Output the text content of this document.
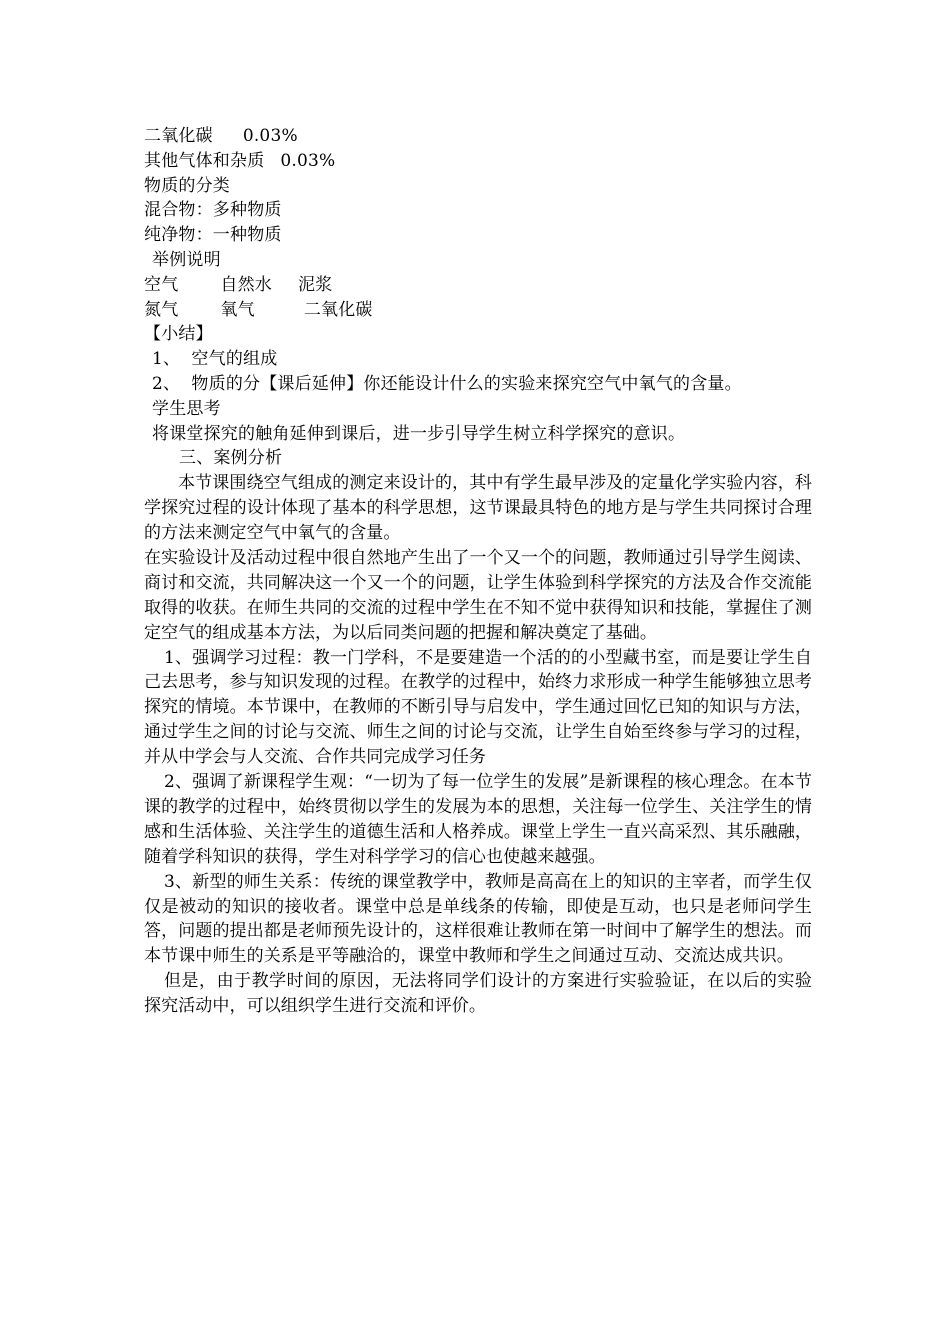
二氧化碳 0.03%
其他气体和杂质 0.03%
物质的分类
混合物：多种物质
纯净物：一种物质
举例说明
空气 自然水 泥浆
氮气 氧气	二氧化碳
【小结】
1、  空气的组成
2、  物质的分【课后延伸】你还能设计什么的实验来探究空气中氧气的含量。
学生思考
将课堂探究的触角延伸到课后，进一步引导学生树立科学探究的意识。
三、案例分析
本节课围绕空气组成的测定来设计的，其中有学生最早涉及的定量化学实验内容，科学探究过程的设计体现了基本的科学思想，这节课最具特色的地方是与学生共同探讨合理的方法来测定空气中氧气的含量。
在实验设计及活动过程中很自然地产生出了一个又一个的问题，教师通过引导学生阅读、商讨和交流，共同解决这一个又一个的问题，让学生体验到科学探究的方法及合作交流能取得的收获。在师生共同的交流的过程中学生在不知不觉中获得知识和技能，掌握住了测定空气的组成基本方法，为以后同类问题的把握和解决奠定了基础。
1、强调学习过程：教一门学科，不是要建造一个活的的小型藏书室，而是要让学生自己去思考，参与知识发现的过程。在教学的过程中，始终力求形成一种学生能够独立思考探究的情境。本节课中，在教师的不断引导与启发中，学生通过回忆已知的知识与方法，通过学生之间的讨论与交流、师生之间的讨论与交流，让学生自始至终参与学习的过程，并从中学会与人交流、合作共同完成学习任务
2、强调了新课程学生观：“一切为了每一位学生的发展”是新课程的核心理念。在本节课的教学的过程中，始终贯彻以学生的发展为本的思想，关注每一位学生、关注学生的情感和生活体验、关注学生的道德生活和人格养成。课堂上学生一直兴高采烈、其乐融融，随着学科知识的获得，学生对科学学习的信心也使越来越强。
3、新型的师生关系：传统的课堂教学中，教师是高高在上的知识的主宰者，而学生仅仅是被动的知识的接收者。课堂中总是单线条的传输，即使是互动，也只是老师问学生答，问题的提出都是老师预先设计的，这样很难让教师在第一时间中了解学生的想法。而本节课中师生的关系是平等融洽的，课堂中教师和学生之间通过互动、交流达成共识。
但是，由于教学时间的原因，无法将同学们设计的方案进行实验验证，在以后的实验探究活动中，可以组织学生进行交流和评价。
